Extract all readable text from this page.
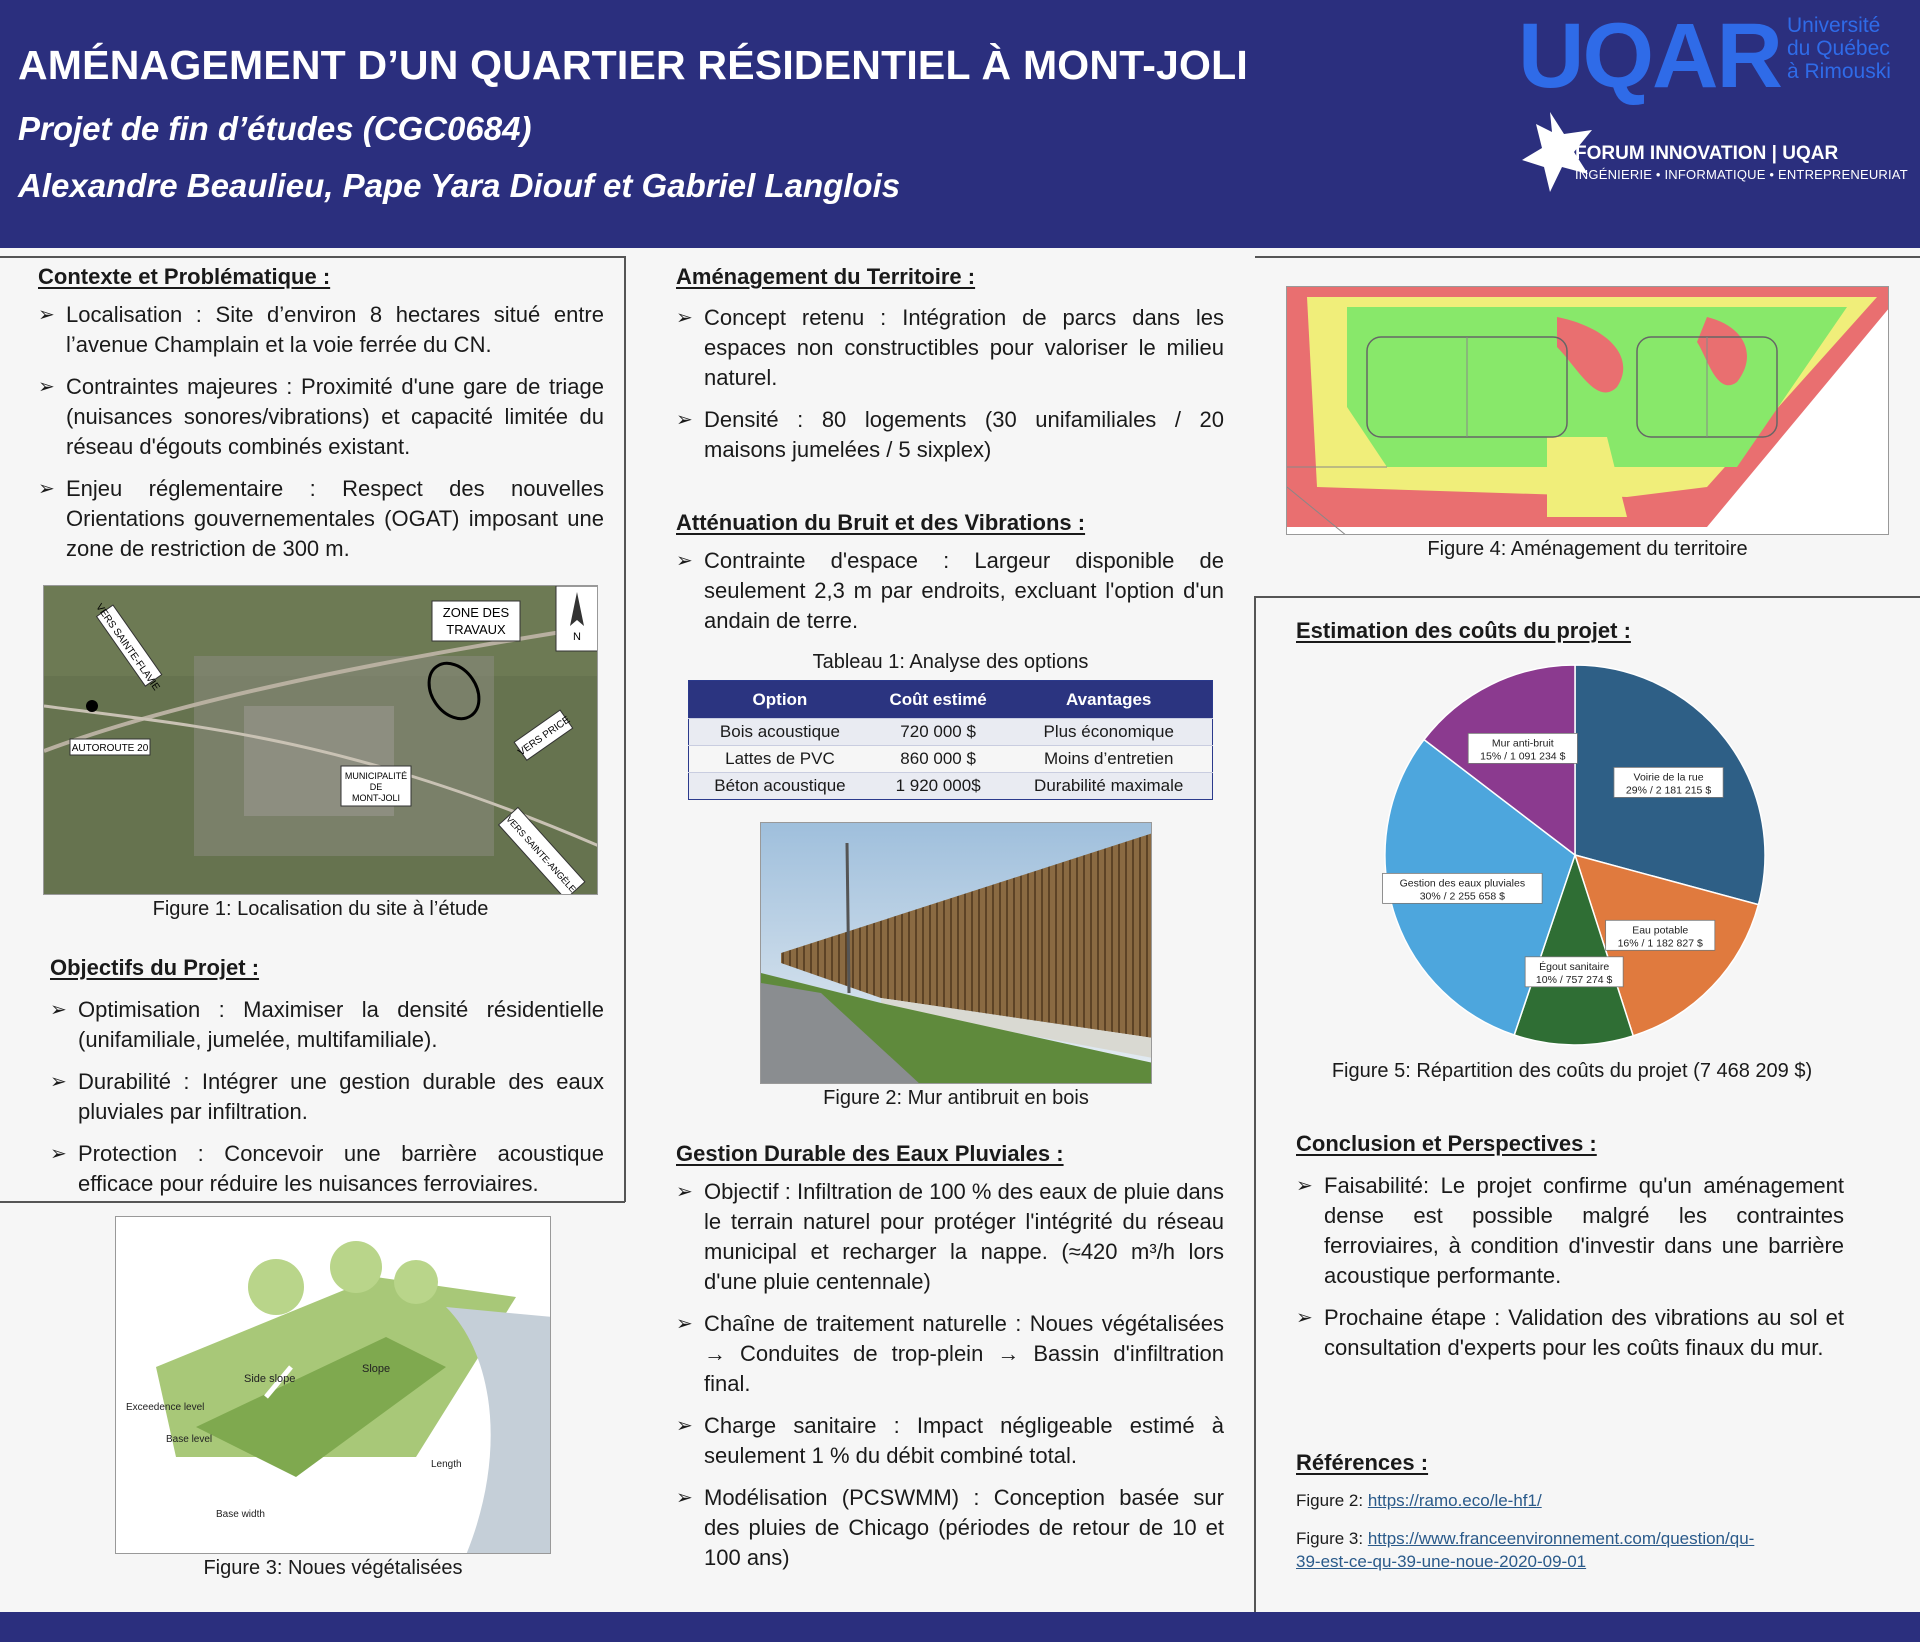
AMÉNAGEMENT D’UN QUARTIER RÉSIDENTIEL À MONT-JOLI
Projet de fin d’études (CGC0684)
Alexandre Beaulieu, Pape Yara Diouf et Gabriel Langlois
UQAR Université
du Québec
à Rimouski
FORUM INNOVATION | UQAR
INGÉNIERIE • INFORMATIQUE • ENTREPRENEURIAT
Contexte et Problématique :
➢ Localisation : Site d’environ 8 hectares situé entre l’avenue Champlain et la voie ferrée du CN.
➢ Contraintes majeures : Proximité d'une gare de triage (nuisances sonores/vibrations) et capacité limitée du réseau d'égouts combinés existant.
➢ Enjeu réglementaire : Respect des nouvelles Orientations gouvernementales (OGAT) imposant une zone de restriction de 300 m.
ZONE DES
TRAVAUX	N
VERS SAINTE-FLAVIE
AUTOROUTE 20
MUNICIPALITÉ
DE
MONT-JOLI
VERS PRICE
VERS SAINTE-ANGÈLE
Figure 1: Localisation du site à l’étude
Objectifs du Projet :
➢ Optimisation : Maximiser la densité résidentielle (unifamiliale, jumelée, multifamiliale).
➢ Durabilité : Intégrer une gestion durable des eaux pluviales par infiltration.
➢ Protection : Concevoir une barrière acoustique efficace pour réduire les nuisances ferroviaires.
Side slope
Slope
Exceedence level
Base level
Length
Base width
Figure 3: Noues végétalisées
Aménagement du Territoire :
➢ Concept retenu : Intégration de parcs dans les espaces non constructibles pour valoriser le milieu naturel.
➢ Densité : 80 logements (30 unifamiliales / 20 maisons jumelées / 5 sixplex)
Atténuation du Bruit et des Vibrations :
➢ Contrainte d'espace : Largeur disponible de seulement 2,3 m par endroits, excluant l'option d'un andain de terre.
Tableau 1: Analyse des options
Option	Coût estimé	Avantages
Bois acoustique	720 000 $	Plus économique
Lattes de PVC	860 000 $	Moins d’entretien
Béton acoustique	1 920 000$	Durabilité maximale
Figure 2: Mur antibruit en bois
Gestion Durable des Eaux Pluviales :
➢ Objectif : Infiltration de 100 % des eaux de pluie dans le terrain naturel pour protéger l'intégrité du réseau municipal et recharger la nappe. (≈420 m³/h lors d'une pluie centennale)
➢ Chaîne de traitement naturelle : Noues végétalisées → Conduites de trop-plein → Bassin d'infiltration final.
➢ Charge sanitaire : Impact négligeable estimé à seulement 1 % du débit combiné total.
➢ Modélisation (PCSWMM) : Conception basée sur des pluies de Chicago (périodes de retour de 10 et 100 ans)
Figure 4: Aménagement du territoire
Estimation des coûts du projet :
Voirie de la rue
29% / 2 181 215 $
Eau potable
16% / 1 182 827 $
Égout sanitaire
10% / 757 274 $
Gestion des eaux pluviales
30% / 2 255 658 $
Mur anti-bruit
15% / 1 091 234 $
Figure 5: Répartition des coûts du projet (7 468 209 $)
Conclusion et Perspectives :
➢ Faisabilité: Le projet confirme qu'un aménagement dense est possible malgré les contraintes ferroviaires, à condition d'investir dans une barrière acoustique performante.
➢ Prochaine étape : Validation des vibrations au sol et consultation d'experts pour les coûts finaux du mur.
Références :
Figure 2: https://ramo.eco/le-hf1/
Figure 3: https://www.franceenvironnement.com/question/qu-
39-est-ce-qu-39-une-noue-2020-09-01
